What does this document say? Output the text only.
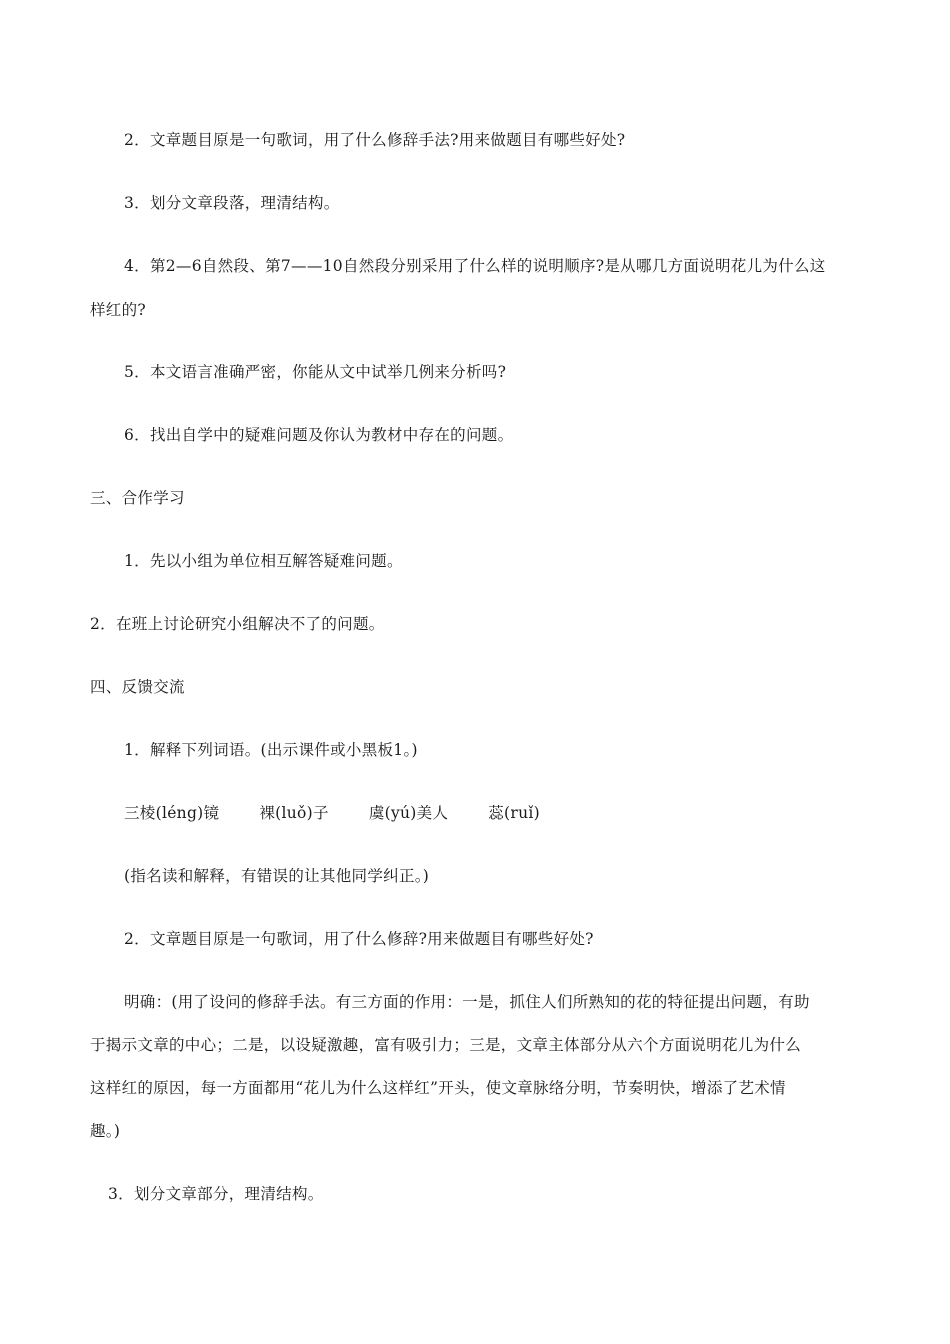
2．文章题目原是一句歌词，用了什么修辞手法?用来做题目有哪些好处?
3．划分文章段落，理清结构。
4．第2—6自然段、第7——10自然段分别采用了什么样的说明顺序?是从哪几方面说明花儿为什么这
样红的?
5．本文语言准确严密，你能从文中试举几例来分析吗?
6．找出自学中的疑难问题及你认为教材中存在的问题。
三、合作学习
1．先以小组为单位相互解答疑难问题。
2．在班上讨论研究小组解决不了的问题。
四、反馈交流
1．解释下列词语。(出示课件或小黑板1。)
三棱(léng)镜	裸(luǒ)子	虞(yú)美人	蕊(ruǐ)
(指名读和解释，有错误的让其他同学纠正。)
2．文章题目原是一句歌词，用了什么修辞?用来做题目有哪些好处?
明确：(用了设问的修辞手法。有三方面的作用：一是，抓住人们所熟知的花的特征提出问题，有助
于揭示文章的中心；二是，以设疑激趣，富有吸引力；三是，文章主体部分从六个方面说明花儿为什么
这样红的原因，每一方面都用“花儿为什么这样红”开头，使文章脉络分明，节奏明快，增添了艺术情
趣。)
3．划分文章部分，理清结构。
